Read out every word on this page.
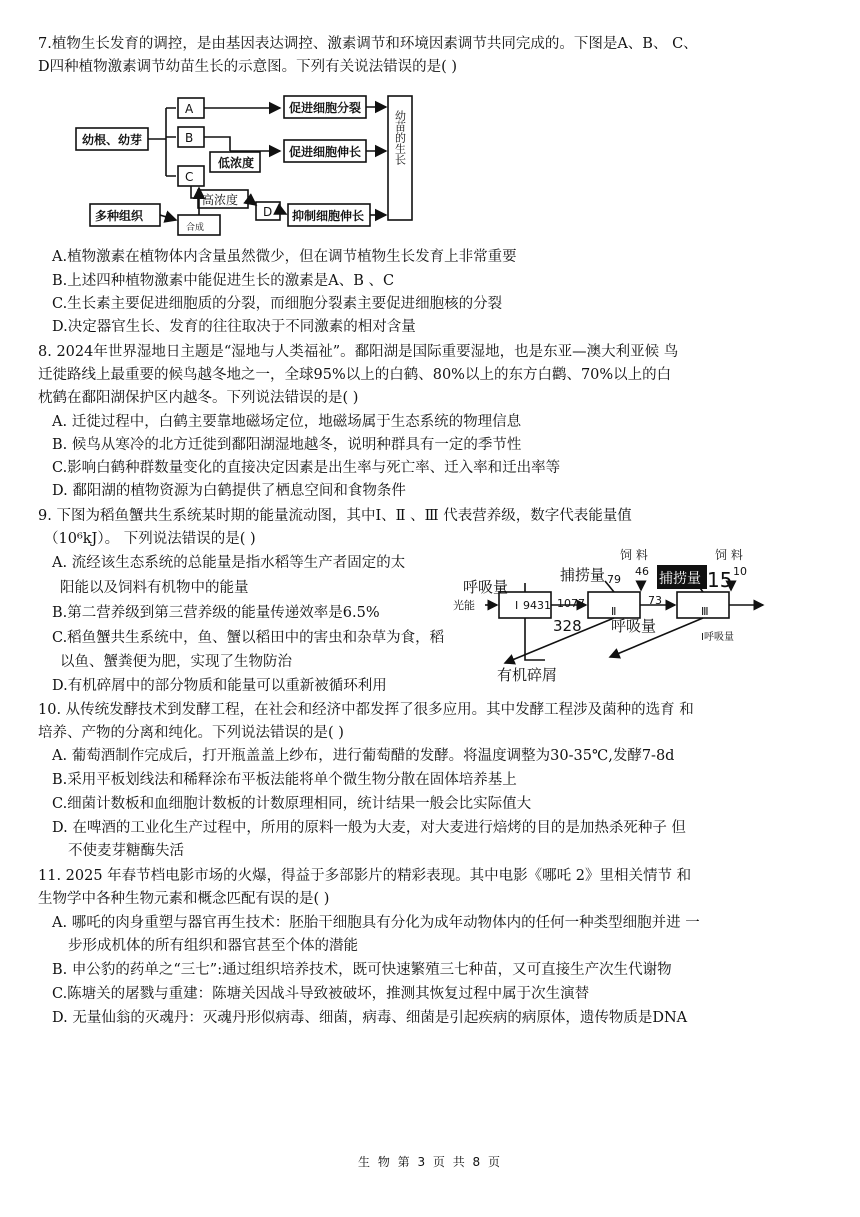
7.植物生长发育的调控，是由基因表达调控、激素调节和环境因素调节共同完成的。下图是A、B、 C、
D四种植物激素调节幼苗生长的示意图。下列有关说法错误的是( )
幼根、幼芽
多种组织
低浓度
促进细胞分裂
促进细胞伸长
抑制细胞伸长
A
B
C
D
高浓度
合成
幼苗的生长
A.植物激素在植物体内含量虽然微少，但在调节植物生长发育上非常重要
B.上述四种植物激素中能促进生长的激素是A、B 、C
C.生长素主要促进细胞质的分裂，而细胞分裂素主要促进细胞核的分裂
D.决定器官生长、发育的往往取决于不同激素的相对含量
8. 2024年世界湿地日主题是“湿地与人类福祉”。鄱阳湖是国际重要湿地，也是东亚—澳大利亚候 鸟
迁徙路线上最重要的候鸟越冬地之一，全球95%以上的白鹤、80%以上的东方白鹳、70%以上的白
枕鹤在鄱阳湖保护区内越冬。下列说法错误的是( )
A. 迁徙过程中，白鹤主要靠地磁场定位，地磁场属于生态系统的物理信息
B. 候鸟从寒冷的北方迁徙到鄱阳湖湿地越冬，说明种群具有一定的季节性
C.影响白鹤种群数量变化的直接决定因素是出生率与死亡率、迁入率和迁出率等
D. 鄱阳湖的植物资源为白鹤提供了栖息空间和食物条件
9. 下图为稻鱼蟹共生系统某时期的能量流动图，其中I、Ⅱ 、Ⅲ 代表营养级，数字代表能量值
（10⁶kJ）。 下列说法错误的是( )
A. 流经该生态系统的总能量是指水稻等生产者固定的太
阳能以及饲料有机物中的能量
B.第二营养级到第三营养级的能量传递效率是6.5%
C.稻鱼蟹共生系统中，鱼、蟹以稻田中的害虫和杂草为食，稻
以鱼、蟹粪便为肥，实现了生物防治
D.有机碎屑中的部分物质和能量可以重新被循环利用
光能	I 9431 1077
Ⅱ
73
Ⅲ
79
46	10
饲 料	饲 料
Ⅰ呼吸量
呼吸量
捕捞量
呼吸量
328
有机碎屑
捕捞量 15
10. 从传统发酵技术到发酵工程，在社会和经济中都发挥了很多应用。其中发酵工程涉及菌种的选育 和
培养、产物的分离和纯化。下列说法错误的是( )
A. 葡萄酒制作完成后，打开瓶盖盖上纱布，进行葡萄醋的发酵。将温度调整为30-35℃,发酵7-8d
B.采用平板划线法和稀释涂布平板法能将单个微生物分散在固体培养基上
C.细菌计数板和血细胞计数板的计数原理相同，统计结果一般会比实际值大
D. 在啤酒的工业化生产过程中，所用的原料一般为大麦，对大麦进行焙烤的目的是加热杀死种子 但
不使麦芽糖酶失活
11. 2025 年春节档电影市场的火爆，得益于多部影片的精彩表现。其中电影《哪吒 2》里相关情节 和
生物学中各种生物元素和概念匹配有误的是( )
A. 哪吒的肉身重塑与器官再生技术：胚胎干细胞具有分化为成年动物体内的任何一种类型细胞并进 一
步形成机体的所有组织和器官甚至个体的潜能
B. 申公豹的药单之“三七”:通过组织培养技术，既可快速繁殖三七种苗，又可直接生产次生代谢物
C.陈塘关的屠戮与重建：陈塘关因战斗导致被破坏，推测其恢复过程中属于次生演替
D. 无量仙翁的灭魂丹：灭魂丹形似病毒、细菌，病毒、细菌是引起疾病的病原体，遗传物质是DNA
生 物 第 3 页 共 8 页
